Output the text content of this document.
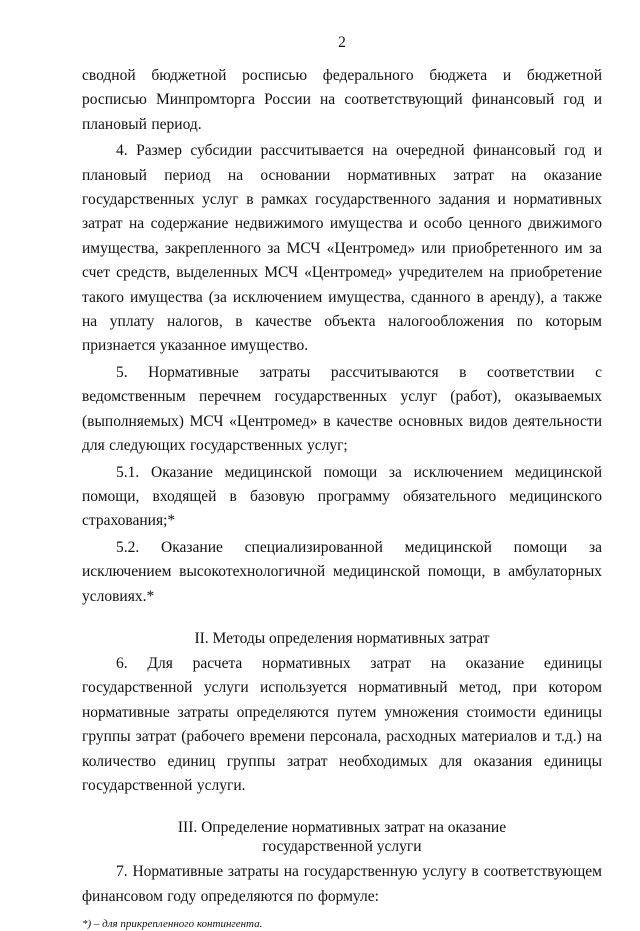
2

сводной бюджетной росписью федерального бюджета и бюджетной росписью Минпромторга России на соответствующий финансовый год и плановый период.

4. Размер субсидии рассчитывается на очередной финансовый год и плановый период на основании нормативных затрат на оказание государственных услуг в рамках государственного задания и нормативных затрат на содержание недвижимого имущества и особо ценного движимого имущества, закрепленного за МСЧ «Центромед» или приобретенного им за счет средств, выделенных МСЧ «Центромед» учредителем на приобретение такого имущества (за исключением имущества, сданного в аренду), а также на уплату налогов, в качестве объекта налогообложения по которым признается указанное имущество.

5. Нормативные затраты рассчитываются в соответствии с ведомственным перечнем государственных услуг (работ), оказываемых (выполняемых) МСЧ «Центромед» в качестве основных видов деятельности для следующих государственных услуг;

5.1. Оказание медицинской помощи за исключением медицинской помощи, входящей в базовую программу обязательного медицинского страхования;*

5.2. Оказание специализированной медицинской помощи за исключением высокотехнологичной медицинской помощи, в амбулаторных условиях.*

II. Методы определения нормативных затрат

6. Для расчета нормативных затрат на оказание единицы государственной услуги используется нормативный метод, при котором нормативные затраты определяются путем умножения стоимости единицы группы затрат (рабочего времени персонала, расходных материалов и т.д.) на количество единиц группы затрат необходимых для оказания единицы государственной услуги.

III. Определение нормативных затрат на оказание
государственной услуги

7. Нормативные затраты на государственную услугу в соответствующем финансовом году определяются по формуле:

*) – для прикрепленного контингента.
